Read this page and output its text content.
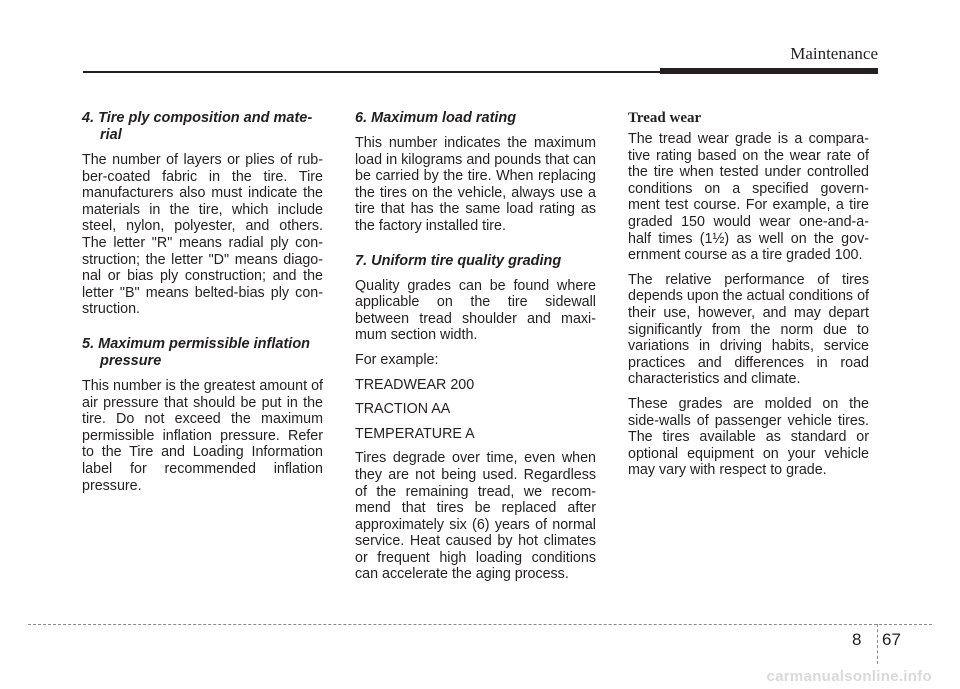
Maintenance
4. Tire ply composition and mate-
rial

The number of layers or plies of rub- ber-coated fabric in the tire. Tire manufacturers also must indicate the materials in the tire, which include steel, nylon, polyester, and others. The letter "R" means radial ply con- struction; the letter "D" means diago- nal or bias ply construction; and the letter "B" means belted-bias ply con- struction.

5. Maximum permissible inflation
pressure

This number is the greatest amount of air pressure that should be put in the tire. Do not exceed the maximum permissible inflation pressure. Refer to the Tire and Loading Information label for recommended inflation pressure.

6. Maximum load rating

This number indicates the maximum load in kilograms and pounds that can be carried by the tire. When replacing the tires on the vehicle, always use a tire that has the same load rating as the factory installed tire.

7. Uniform tire quality grading

Quality grades can be found where applicable on the tire sidewall between tread shoulder and maxi- mum section width.

For example:

TREADWEAR 200

TRACTION AA

TEMPERATURE A

Tires degrade over time, even when they are not being used. Regardless of the remaining tread, we recom- mend that tires be replaced after approximately six (6) years of normal service. Heat caused by hot climates or frequent high loading conditions can accelerate the aging process.

Tread wear

The tread wear grade is a compara- tive rating based on the wear rate of the tire when tested under controlled conditions on a specified govern- ment test course. For example, a tire graded 150 would wear one-and-a- half times (1½) as well on the gov- ernment course as a tire graded 100.

The relative performance of tires depends upon the actual conditions of their use, however, and may depart significantly from the norm due to variations in driving habits, service practices and differences in road characteristics and climate.

These grades are molded on the side-walls of passenger vehicle tires. The tires available as standard or optional equipment on your vehicle may vary with respect to grade.

8 67
carmanualsonline.info
